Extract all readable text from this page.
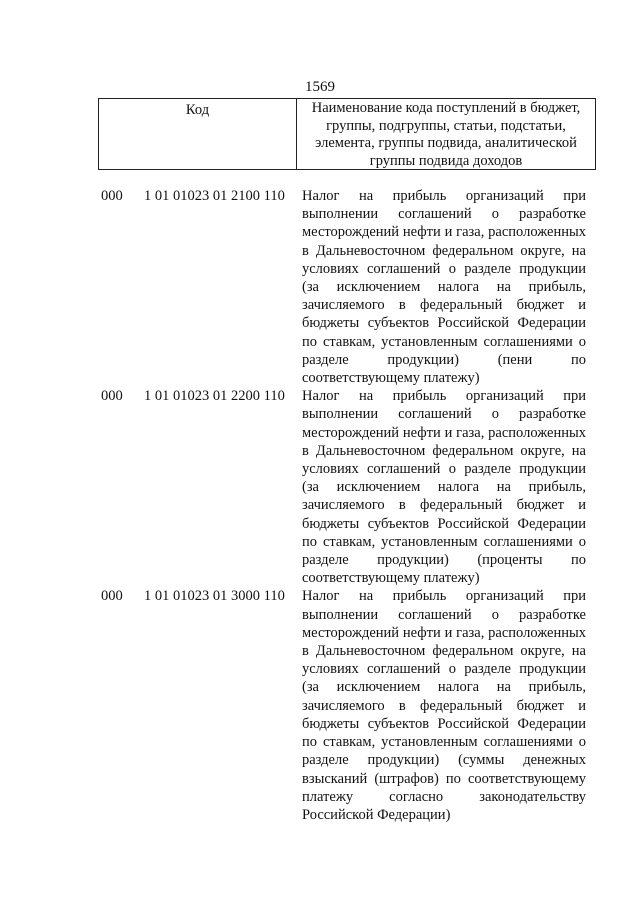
1569
Код	Наименование кода поступлений в бюджет,
группы, подгруппы, статьи, подстатьи,
элемента, группы подвида, аналитической
группы подвида доходов
000	1 01 01023 01 2100 110	Налог на прибыль организаций при
выполнении соглашений о разработке
месторождений нефти и газа, расположенных
в Дальневосточном федеральном округе, на
условиях соглашений о разделе продукции
(за исключением налога на прибыль,
зачисляемого в федеральный бюджет и
бюджеты субъектов Российской Федерации
по ставкам, установленным соглашениями о
разделе продукции) (пени по
соответствующему платежу)
000	1 01 01023 01 2200 110	Налог на прибыль организаций при
выполнении соглашений о разработке
месторождений нефти и газа, расположенных
в Дальневосточном федеральном округе, на
условиях соглашений о разделе продукции
(за исключением налога на прибыль,
зачисляемого в федеральный бюджет и
бюджеты субъектов Российской Федерации
по ставкам, установленным соглашениями о
разделе продукции) (проценты по
соответствующему платежу)
000	1 01 01023 01 3000 110	Налог на прибыль организаций при
выполнении соглашений о разработке
месторождений нефти и газа, расположенных
в Дальневосточном федеральном округе, на
условиях соглашений о разделе продукции
(за исключением налога на прибыль,
зачисляемого в федеральный бюджет и
бюджеты субъектов Российской Федерации
по ставкам, установленным соглашениями о
разделе продукции) (суммы денежных
взысканий (штрафов) по соответствующему
платежу согласно законодательству
Российской Федерации)
